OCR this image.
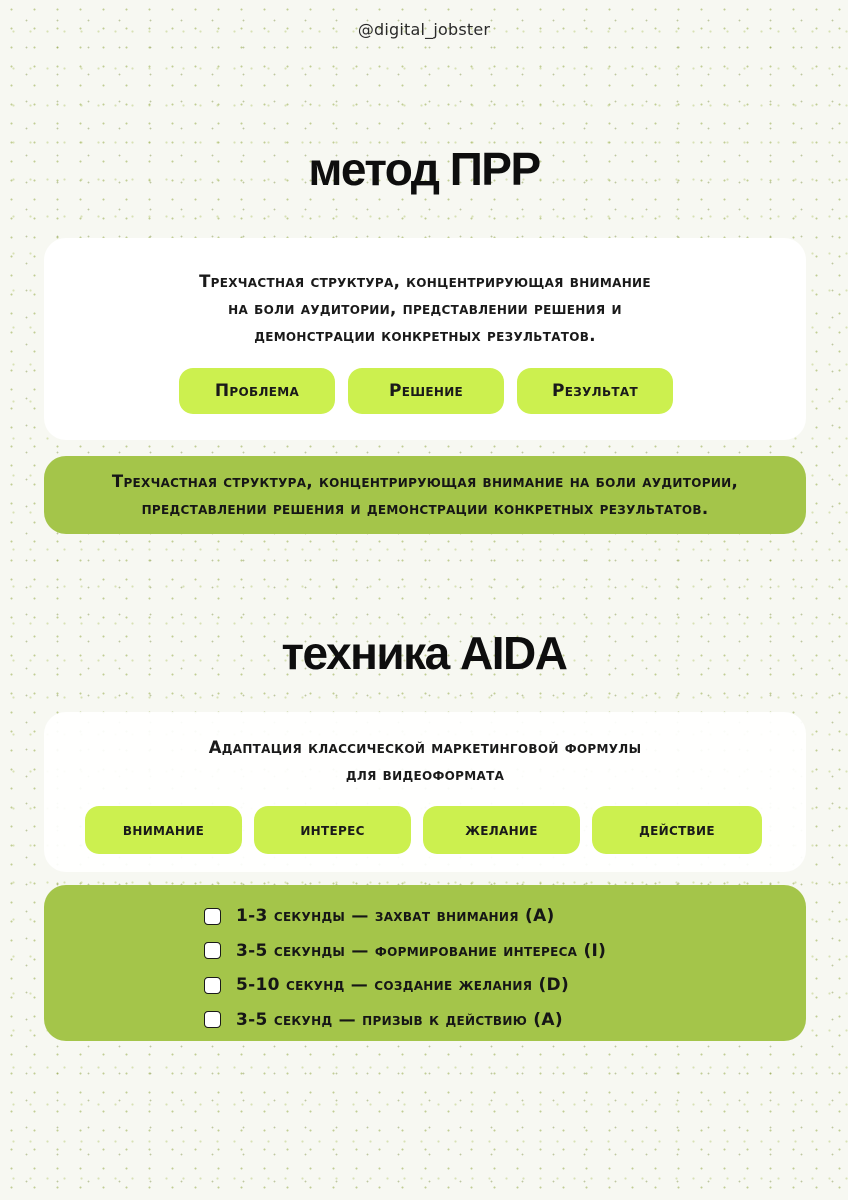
@digital_jobster
метод ПРР
Трехчастная структура, концентрирующая внимание
на боли аудитории, представлении решения и
демонстрации конкретных результатов.
Проблема	Решение	Результат
Трехчастная структура, концентрирующая внимание на боли аудитории,
представлении решения и демонстрации конкретных результатов.
техника AIDA
Адаптация классической маркетинговой формулы
для видеоформата
внимание	интерес	желание	действие
1-3 секунды — захват внимания (A)
3-5 секунды — формирование интереса (I)
5-10 секунд — создание желания (D)
3-5 секунд — призыв к действию (A)
